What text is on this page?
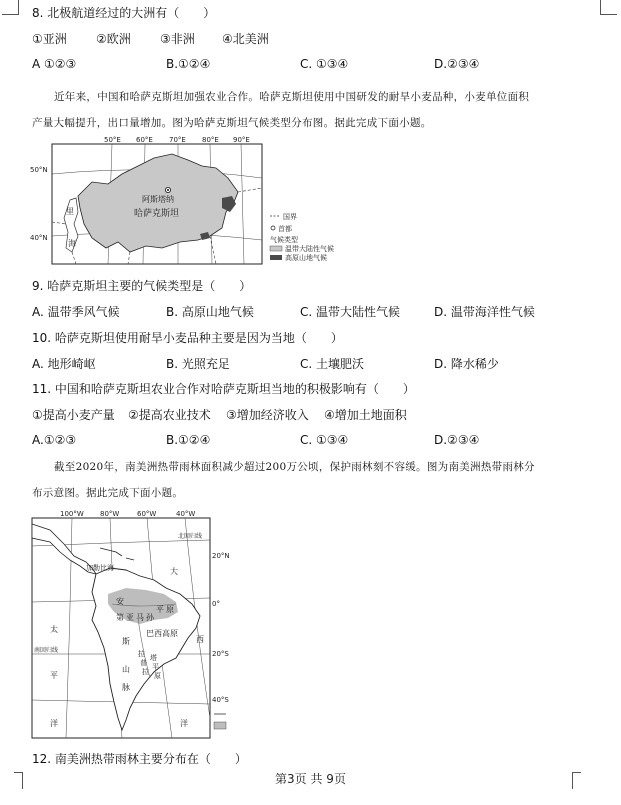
8. 北极航道经过的大洲有（　　）
①亚洲 ②欧洲 ③非洲 ④北美洲
A ①②③	B.①②④	C. ①③④	D.②③④
近年来，中国和哈萨克斯坦加强农业合作。哈萨克斯坦使用中国研发的耐旱小麦品种，小麦单位面积
产量大幅提升，出口量增加。图为哈萨克斯坦气候类型分布图。据此完成下面小题。
阿斯塔纳
哈萨克斯坦
里
海
50°E 60°E 70°E 80°E 90°E
50°N
40°N
国界
首都
气候类型
温带大陆性气候
高原山地气候
9. 哈萨克斯坦主要的气候类型是（　　）
A. 温带季风气候	B. 高原山地气候	C. 温带大陆性气候	D. 温带海洋性气候
10. 哈萨克斯坦使用耐旱小麦品种主要是因为当地（　　）
A. 地形崎岖	B. 光照充足	C. 土壤肥沃	D. 降水稀少
11. 中国和哈萨克斯坦农业合作对哈萨克斯坦当地的积极影响有（　　）
①提高小麦产量 ②提高农业技术 ③增加经济收入 ④增加土地面积
A.①②③	B.①②④	C. ①③④	D.②③④
截至2020年，南美洲热带雨林面积减少超过200万公顷，保护雨林刻不容缓。图为南美洲热带雨林分
布示意图。据此完成下面小题。
北回归线
南回归线
100°W 80°W	60°W	40°W
20°N
0°
20°S
40°S
加勒比海
太
平
洋
大
西
洋
亚 马 孙
平 原
巴西高原
第
斯
山
脉
安
拉
普
拉
塔
平
原
12. 南美洲热带雨林主要分布在（　　）
第3页 共 9页
